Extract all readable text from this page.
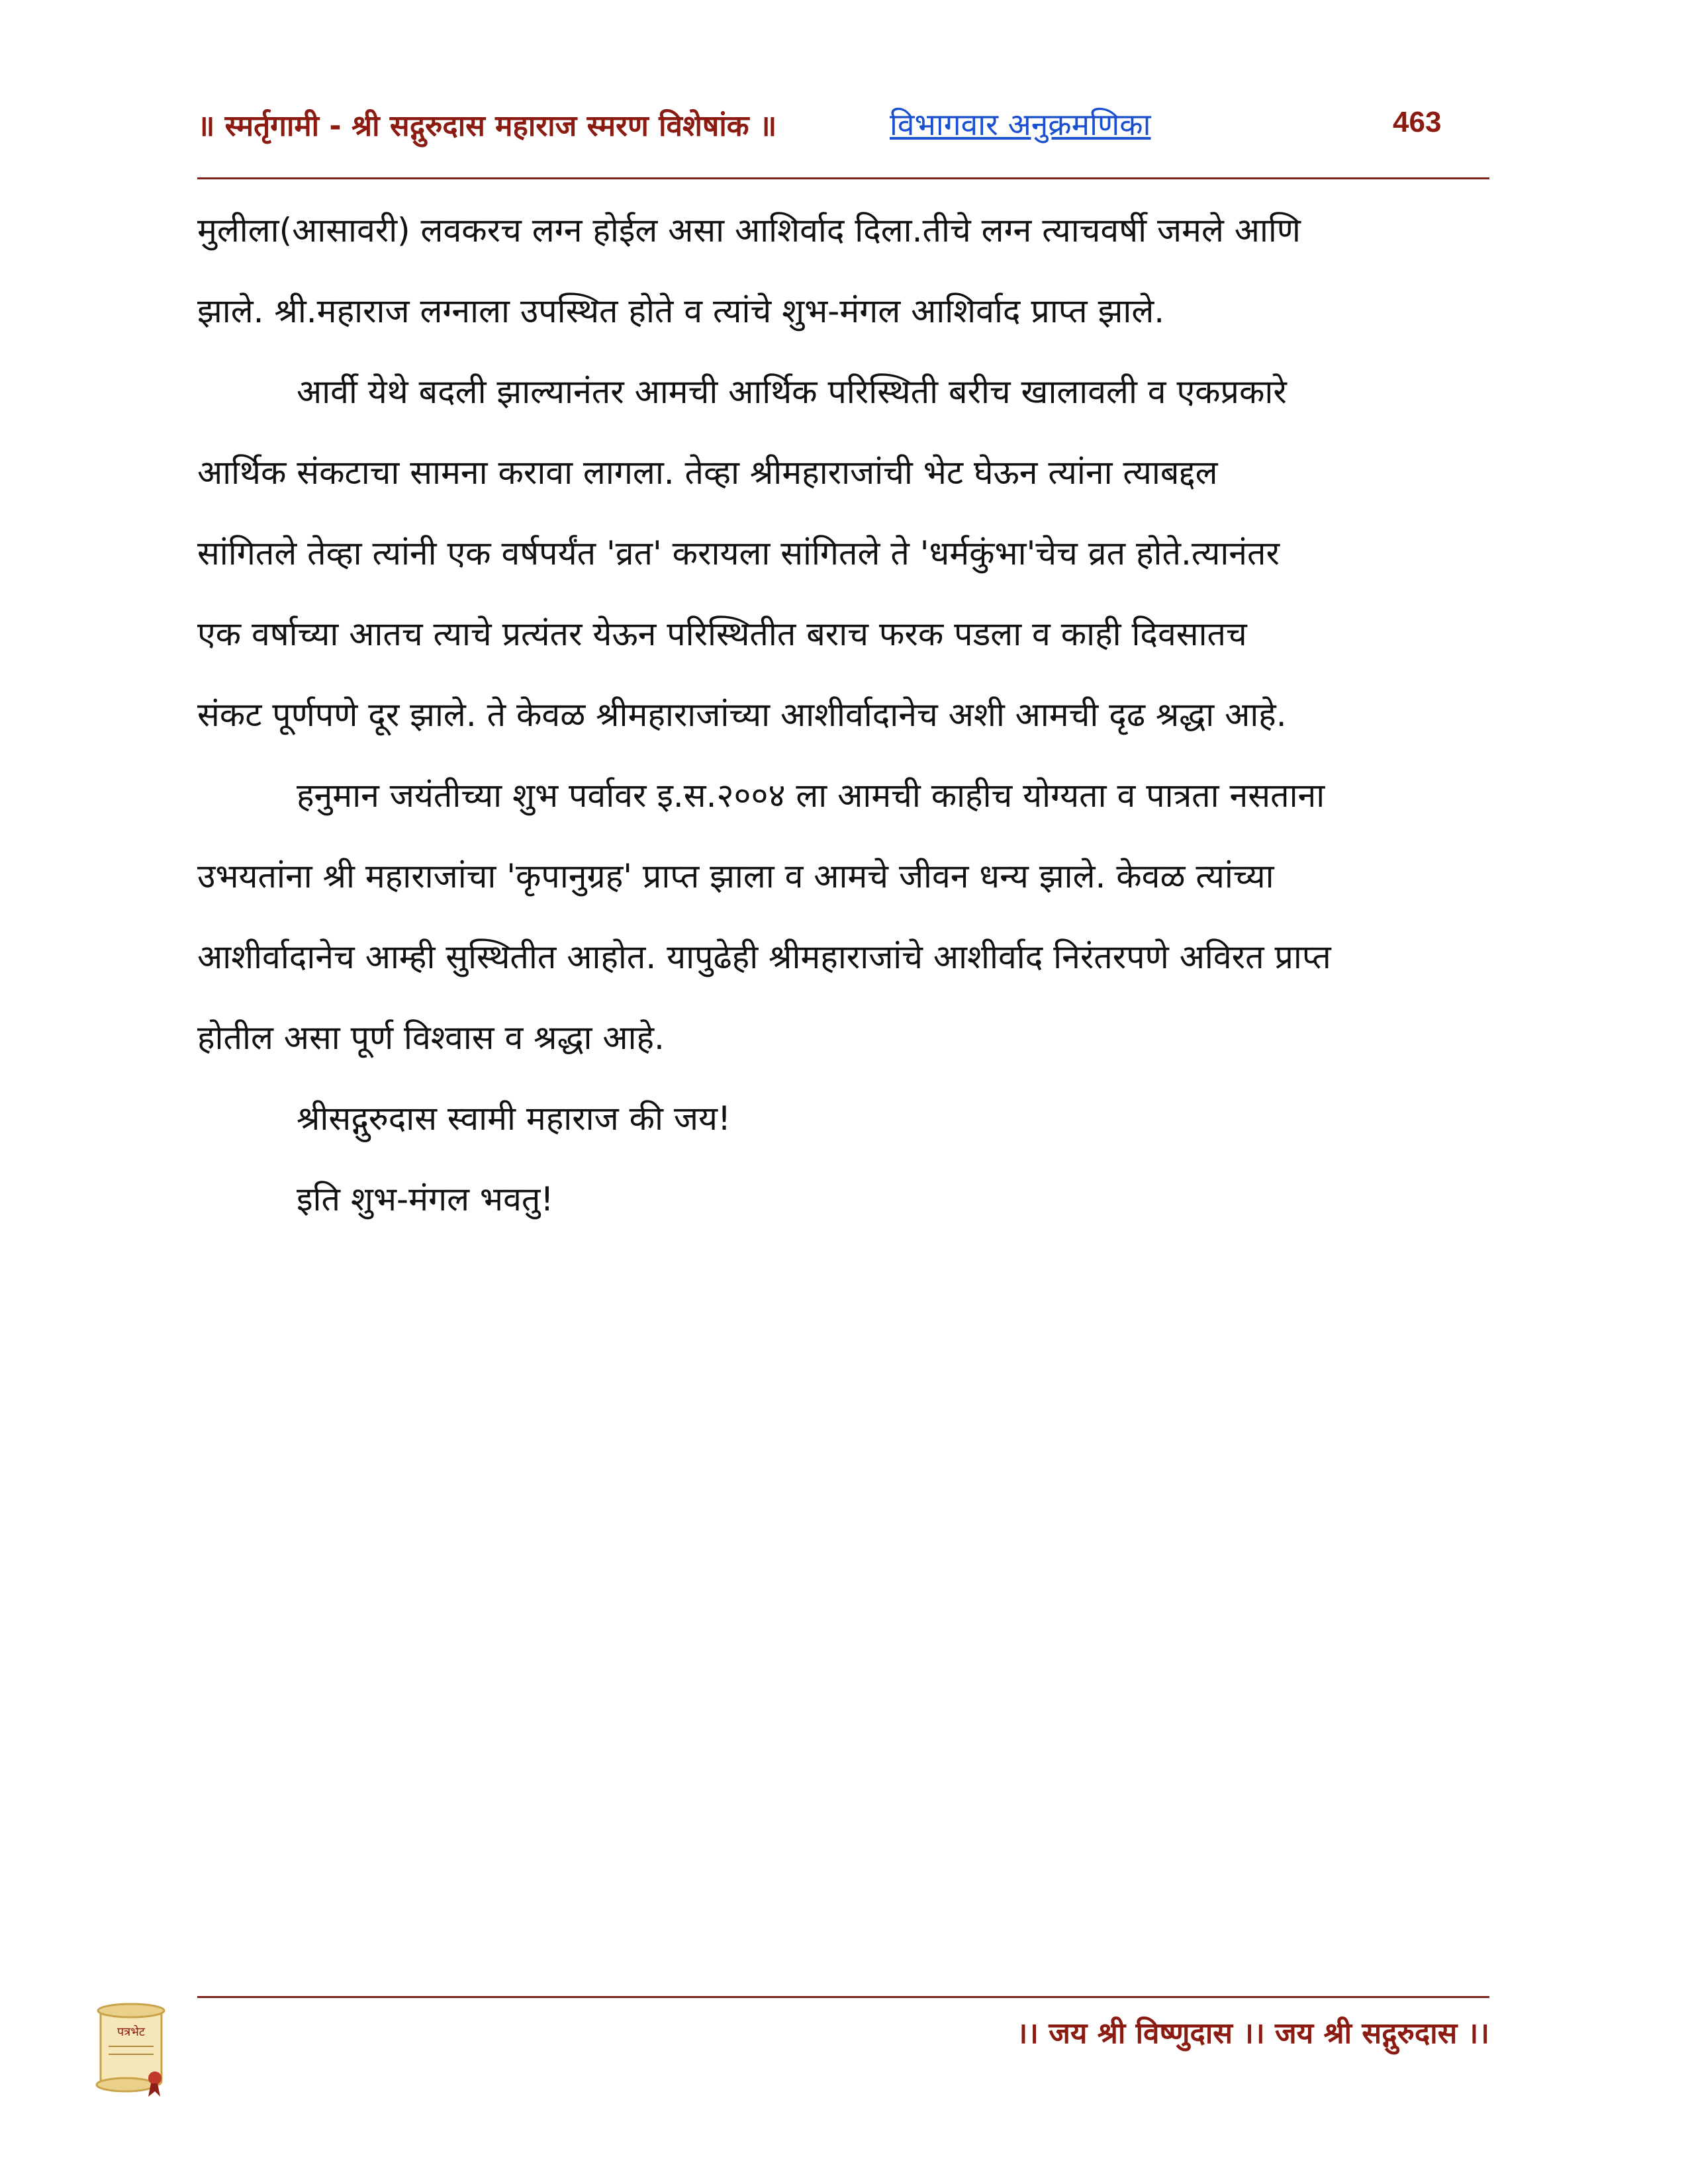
॥ स्मर्तृगामी - श्री सद्गुरुदास महाराज स्मरण विशेषांक ॥	विभागवार अनुक्रमणिका	463
मुलीला(आसावरी) लवकरच लग्न होईल असा आशिर्वाद दिला.तीचे लग्न त्याचवर्षी जमले आणि
झाले. श्री.महाराज लग्नाला उपस्थित होते व त्यांचे शुभ-मंगल आशिर्वाद प्राप्त झाले.
आर्वी येथे बदली झाल्यानंतर आमची आर्थिक परिस्थिती बरीच खालावली व एकप्रकारे
आर्थिक संकटाचा सामना करावा लागला. तेव्हा श्रीमहाराजांची भेट घेऊन त्यांना त्याबद्दल
सांगितले तेव्हा त्यांनी एक वर्षपर्यंत 'व्रत' करायला सांगितले ते 'धर्मकुंभा'चेच व्रत होते.त्यानंतर
एक वर्षाच्या आतच त्याचे प्रत्यंतर येऊन परिस्थितीत बराच फरक पडला व काही दिवसातच
संकट पूर्णपणे दूर झाले. ते केवळ श्रीमहाराजांच्या आशीर्वादानेच अशी आमची दृढ श्रद्धा आहे.
हनुमान जयंतीच्या शुभ पर्वावर इ.स.२००४ ला आमची काहीच योग्यता व पात्रता नसताना
उभयतांना श्री महाराजांचा 'कृपानुग्रह' प्राप्त झाला व आमचे जीवन धन्य झाले. केवळ त्यांच्या
आशीर्वादानेच आम्ही सुस्थितीत आहोत. यापुढेही श्रीमहाराजांचे आशीर्वाद निरंतरपणे अविरत प्राप्त
होतील असा पूर्ण विश्वास व श्रद्धा आहे.
श्रीसद्गुरुदास स्वामी महाराज की जय!
इति शुभ-मंगल भवतु!
पत्रभेट	।। जय श्री विष्णुदास ।। जय श्री सद्गुरुदास ।।
